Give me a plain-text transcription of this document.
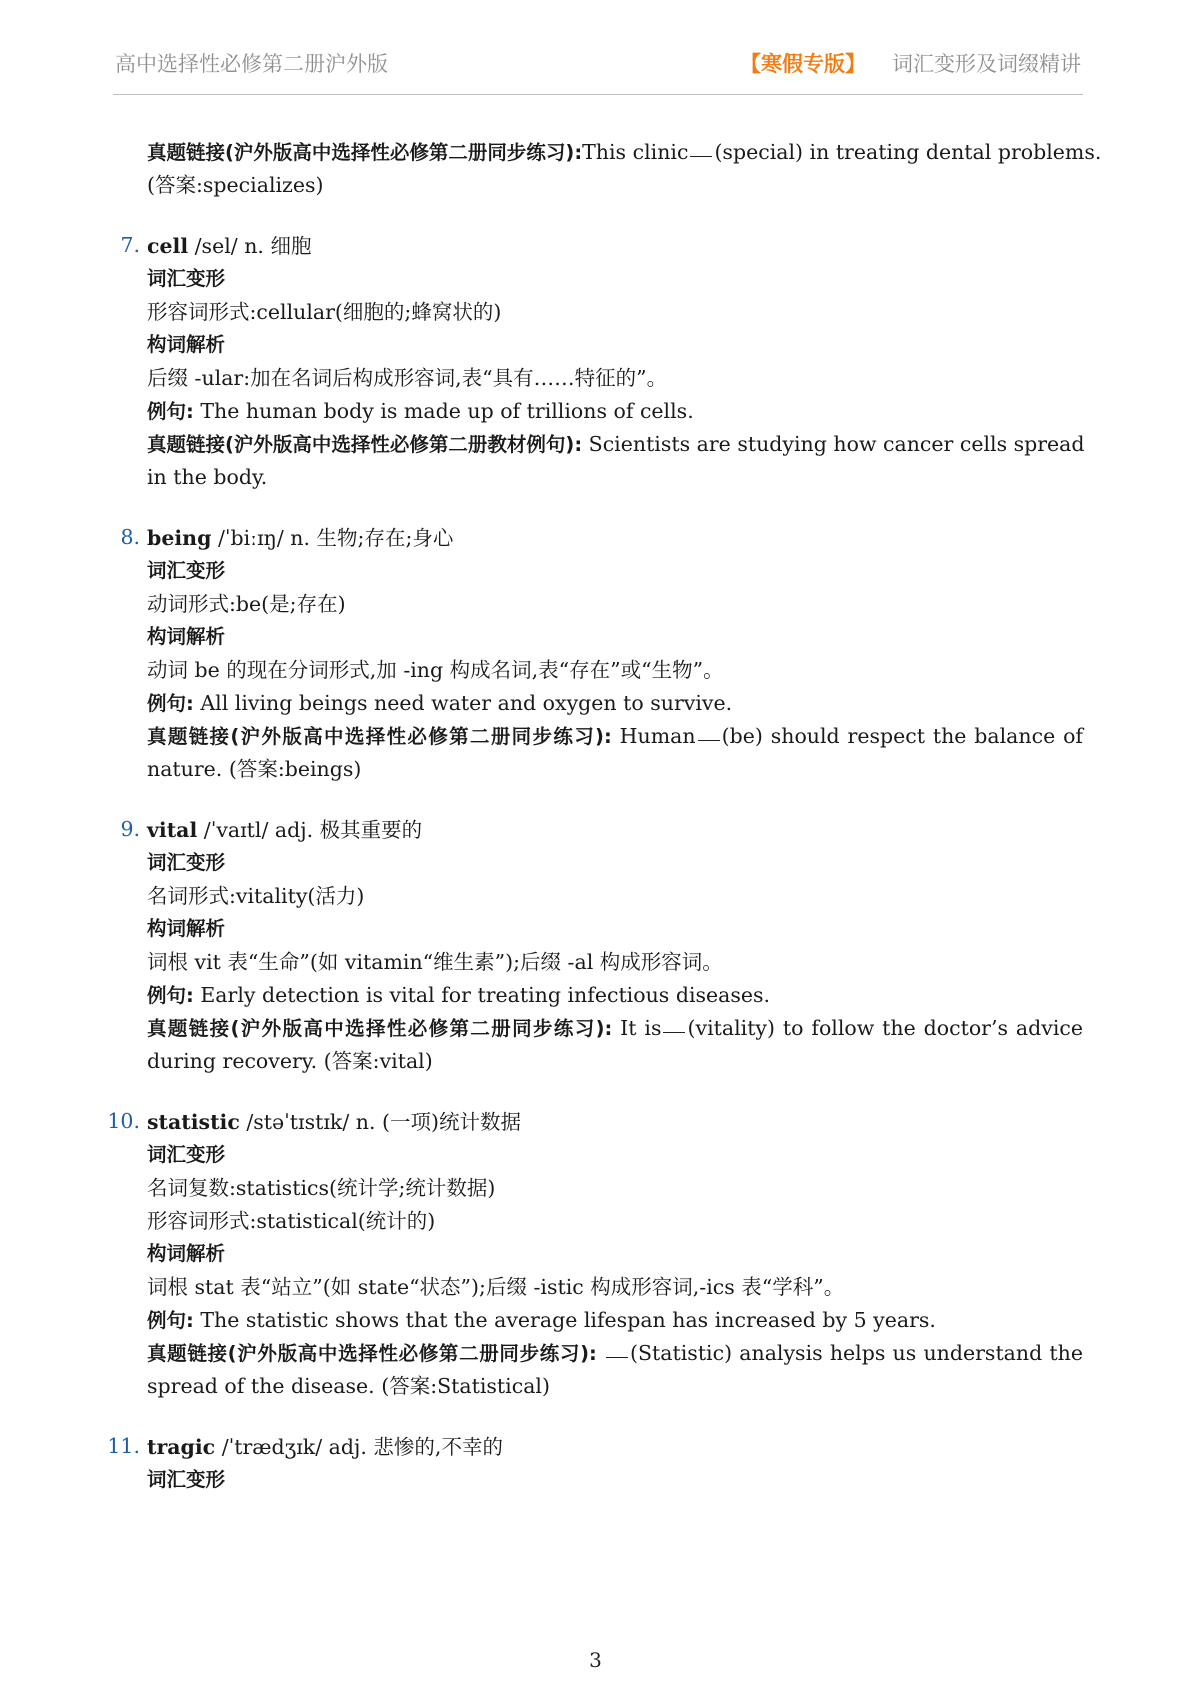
高中选择性必修第二册沪外版	【寒假专版】 词汇变形及词缀精讲
真题链接(沪外版高中选择性必修第二册同步练习):This clinic (special) in treating dental problems.
(答案:specializes)
7. cell /sel/ n. 细胞
词汇变形
形容词形式:cellular(细胞的;蜂窝状的)
构词解析
后缀 -ular:加在名词后构成形容词,表“具有……特征的”。
例句: The human body is made up of trillions of cells.
真题链接(沪外版高中选择性必修第二册教材例句): Scientists are studying how cancer cells spread
in the body.
8. being /ˈbiːɪŋ/ n. 生物;存在;身心
词汇变形
动词形式:be(是;存在)
构词解析
动词 be 的现在分词形式,加 -ing 构成名词,表“存在”或“生物”。
例句: All living beings need water and oxygen to survive.
真题链接(沪外版高中选择性必修第二册同步练习): Human (be) should respect the balance of
nature. (答案:beings)
9. vital /ˈvaɪtl/ adj. 极其重要的
词汇变形
名词形式:vitality(活力)
构词解析
词根 vit 表“生命”(如 vitamin“维生素”);后缀 -al 构成形容词。
例句: Early detection is vital for treating infectious diseases.
真题链接(沪外版高中选择性必修第二册同步练习): It is (vitality) to follow the doctor’s advice
during recovery. (答案:vital)
10. statistic /stəˈtɪstɪk/ n. (一项)统计数据
词汇变形
名词复数:statistics(统计学;统计数据)
形容词形式:statistical(统计的)
构词解析
词根 stat 表“站立”(如 state“状态”);后缀 -istic 构成形容词,-ics 表“学科”。
例句: The statistic shows that the average lifespan has increased by 5 years.
真题链接(沪外版高中选择性必修第二册同步练习): (Statistic) analysis helps us understand the
spread of the disease. (答案:Statistical)
11. tragic /ˈtrædʒɪk/ adj. 悲惨的,不幸的
词汇变形
3
